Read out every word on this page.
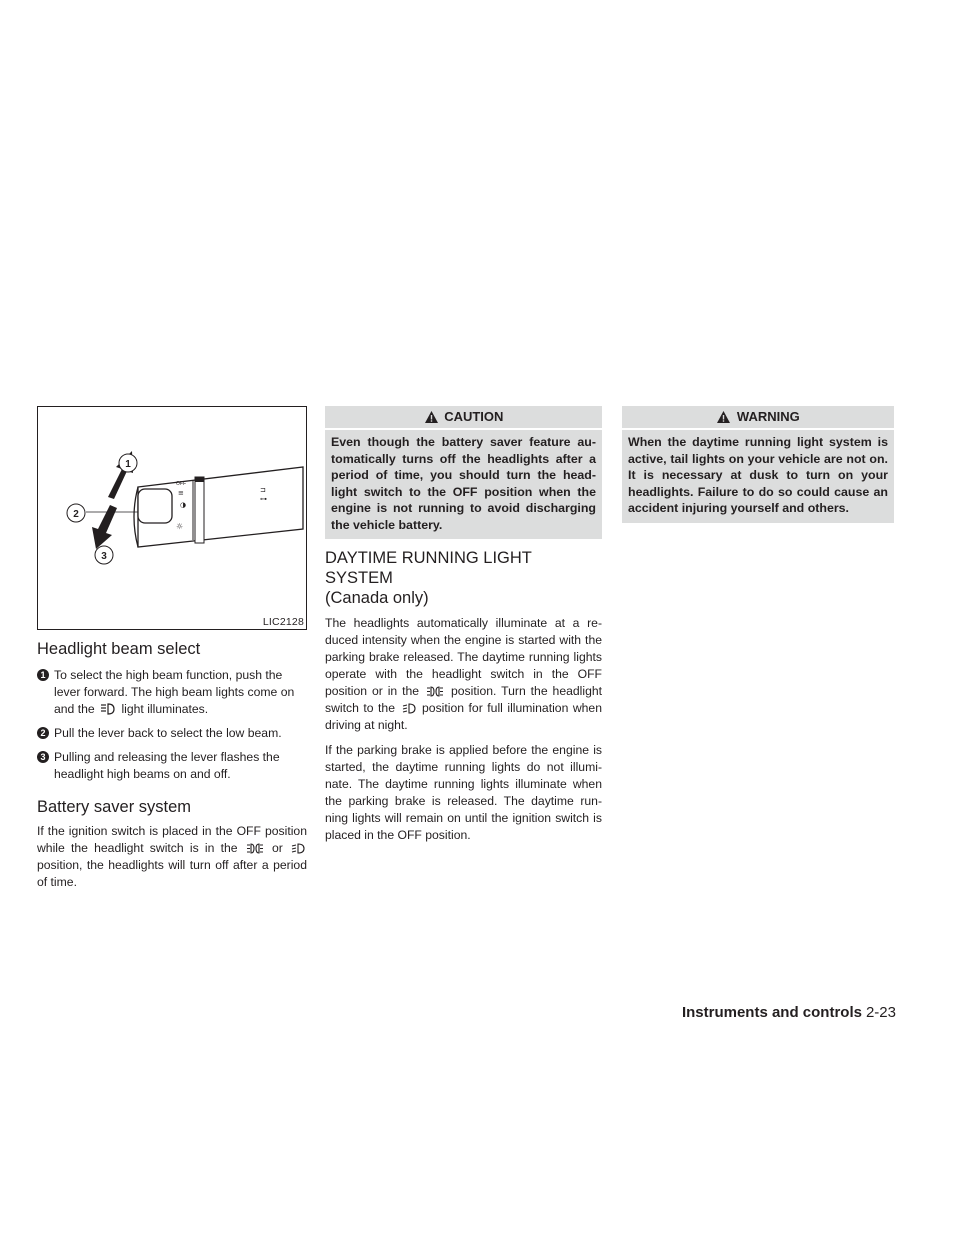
OFF
≡
◑
☼
⊐
⊶
1
2
3
LIC2128
Headlight beam select
1 To select the high beam function, push the lever forward. The high beam lights come on and the light illuminates.
2 Pull the lever back to select the low beam.
3 Pulling and releasing the lever flashes the headlight high beams on and off.
Battery saver system

If the ignition switch is placed in the OFF position while the headlight switch is in the	or  position, the headlights will turn off after a period of time.

CAUTION
Even though the battery saver feature au-tomatically turns off the headlights after a period of time, you should turn the head-light switch to the OFF position when the engine is not running to avoid discharging the vehicle battery.
DAYTIME RUNNING LIGHT SYSTEM
(Canada only)

The headlights automatically illuminate at a re-duced intensity when the engine is started with the parking brake released. The daytime running lights operate with the headlight switch in the OFF position or in the	position. Turn the headlight switch to the position for full illumination when driving at night.

If the parking brake is applied before the engine is started, the daytime running lights do not illumi-nate. The daytime running lights illuminate when the parking brake is released. The daytime run-ning lights will remain on until the ignition switch is placed in the OFF position.

WARNING
When the daytime running light system is active, tail lights on your vehicle are not on. It is necessary at dusk to turn on your headlights. Failure to do so could cause an accident injuring yourself and others.
Instruments and controls 2-23
